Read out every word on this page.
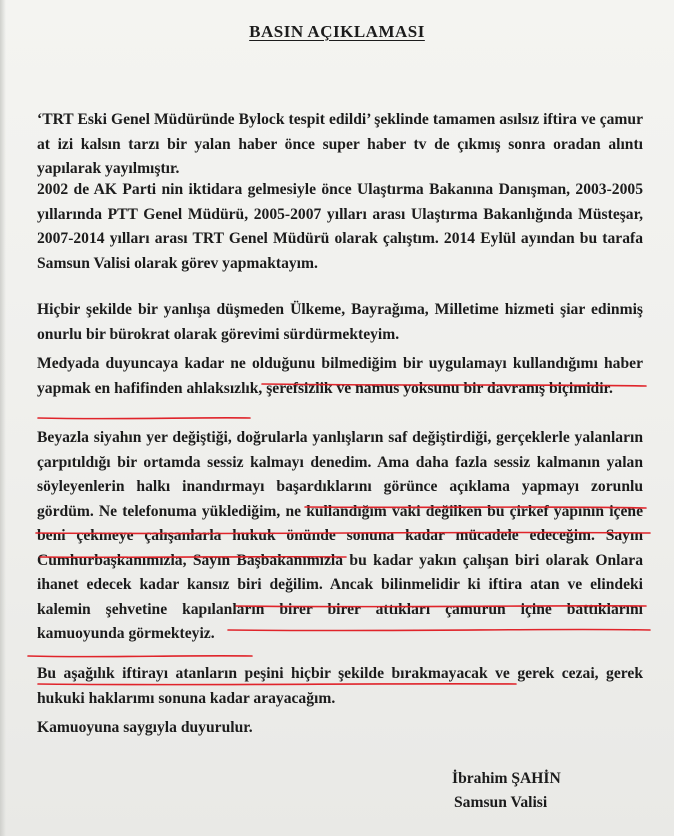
BASIN AÇIKLAMASI

‘TRT Eski Genel Müdüründe Bylock tespit edildi’ şeklinde tamamen asılsız iftira ve çamur at izi kalsın tarzı bir yalan haber önce super haber tv de çıkmış sonra oradan alıntı yapılarak yayılmıştır.

2002 de AK Parti nin iktidara gelmesiyle önce Ulaştırma Bakanına Danışman, 2003-2005 yıllarında PTT Genel Müdürü, 2005-2007 yılları arası Ulaştırma Bakanlığında Müsteşar, 2007-2014 yılları arası TRT Genel Müdürü olarak çalıştım. 2014 Eylül ayından bu tarafa Samsun Valisi olarak görev yapmaktayım.

Hiçbir şekilde bir yanlışa düşmeden Ülkeme, Bayrağıma, Milletime hizmeti şiar edinmiş onurlu bir bürokrat olarak görevimi sürdürmekteyim.

Medyada duyuncaya kadar ne olduğunu bilmediğim bir uygulamayı kullandığımı haber yapmak en hafifinden ahlaksızlık, şerefsizlik ve namus yoksunu bir davranış biçimidir.

Beyazla siyahın yer değiştiği, doğrularla yanlışların saf değiştirdiği, gerçeklerle yalanların çarpıtıldığı bir ortamda sessiz kalmayı denedim. Ama daha fazla sessiz kalmanın yalan söyleyenlerin halkı inandırmayı başardıklarını görünce açıklama yapmayı zorunlu gördüm. Ne telefonuma yüklediğim, ne kullandığım vaki değilken bu çirkef yapının içene beni çekmeye çalışanlarla hukuk önünde sonuna kadar mücadele edeceğim. Sayın Cumhurbaşkanımızla, Sayın Başbakanımızla bu kadar yakın çalışan biri olarak Onlara ihanet edecek kadar kansız biri değilim. Ancak bilinmelidir ki iftira atan ve elindeki kalemin şehvetine kapılanların birer birer attıkları çamurun içine battıklarını kamuoyunda görmekteyiz.

Bu aşağılık iftirayı atanların peşini hiçbir şekilde bırakmayacak ve gerek cezai, gerek hukuki haklarımı sonuna kadar arayacağım.

Kamuoyuna saygıyla duyurulur.

İbrahim ŞAHİN
Samsun Valisi
